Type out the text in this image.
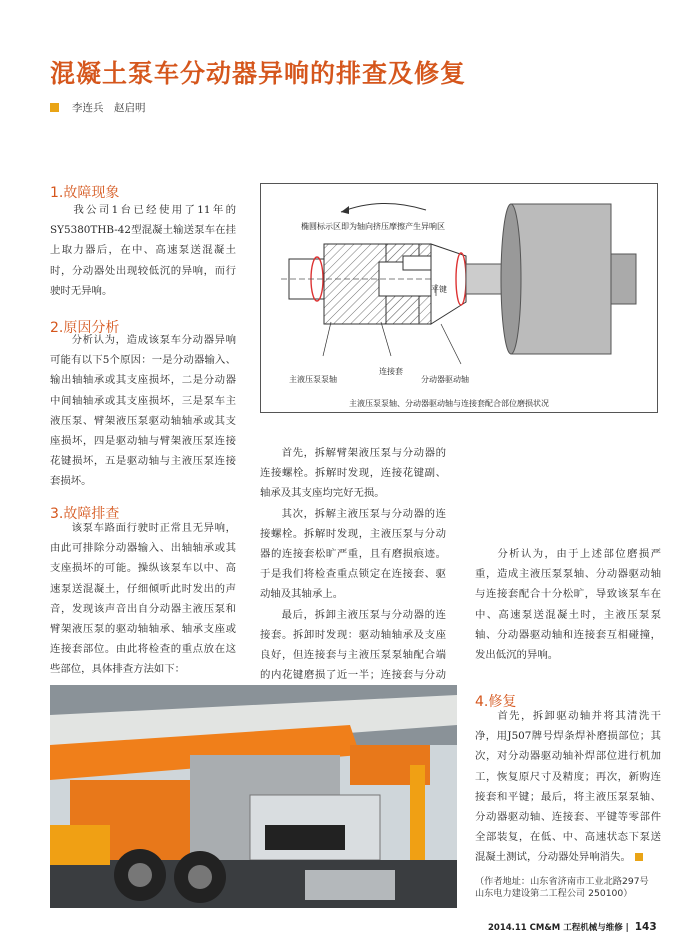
混凝土泵车分动器异响的排查及修复
李连兵　赵启明
1.故障现象

我公司1台已经使用了11年的SY5380THB-42型混凝土输送泵车在挂上取力器后，在中、高速泵送混凝土时，分动器处出现较低沉的异响，而行驶时无异响。

2.原因分析

分析认为，造成该泵车分动器异响可能有以下5个原因：一是分动器输入、输出轴轴承或其支座损坏，二是分动器中间轴轴承或其支座损坏，三是泵车主液压泵、臂架液压泵驱动轴轴承或其支座损坏，四是驱动轴与臂架液压泵连接花键损坏，五是驱动轴与主液压泵连接套损坏。

3.故障排查

该泵车路面行驶时正常且无异响，由此可排除分动器输入、出轴轴承或其支座损坏的可能。操纵该泵车以中、高速泵送混凝土，仔细倾听此时发出的声音，发现该声音出自分动器主液压泵和臂架液压泵的驱动轴轴承、轴承支座或连接套部位。由此将检查的重点放在这些部位，具体排查方法如下：

椭圆标示区即为轴向挤压摩擦产生异响区
平键
主液压泵泵轴
连接套
分动器驱动轴
主液压泵泵轴、分动器驱动轴与连接套配合部位磨损状况

首先，拆解臂架液压泵与分动器的连接螺栓。拆解时发现，连接花键副、轴承及其支座均完好无损。

其次，拆解主液压泵与分动器的连接螺栓。拆解时发现，主液压泵与分动器的连接套松旷严重，且有磨损痕迹。于是我们将检查重点锁定在连接套、驱动轴及其轴承上。

最后，拆卸主液压泵与分动器的连接套。拆卸时发现：驱动轴轴承及支座良好，但连接套与主液压泵泵轴配合端的内花键磨损了近一半；连接套与分动

分析认为，由于上述部位磨损严重，造成主液压泵泵轴、分动器驱动轴与连接套配合十分松旷，导致该泵车在中、高速泵送混凝土时，主液压泵泵轴、分动器驱动轴和连接套互相碰撞，发出低沉的异响。

4.修复

首先，拆卸驱动轴并将其清洗干净，用J507牌号焊条焊补磨损部位；其次，对分动器驱动轴补焊部位进行机加工，恢复原尺寸及精度；再次，新购连接套和平键；最后，将主液压泵泵轴、分动器驱动轴、连接套、平键等零部件全部装复，在低、中、高速状态下泵送混凝土测试，分动器处异响消失。

（作者地址：山东省济南市工业北路297号
山东电力建设第二工程公司 250100）
2014.11 CM&M 工程机械与维修 | 143
